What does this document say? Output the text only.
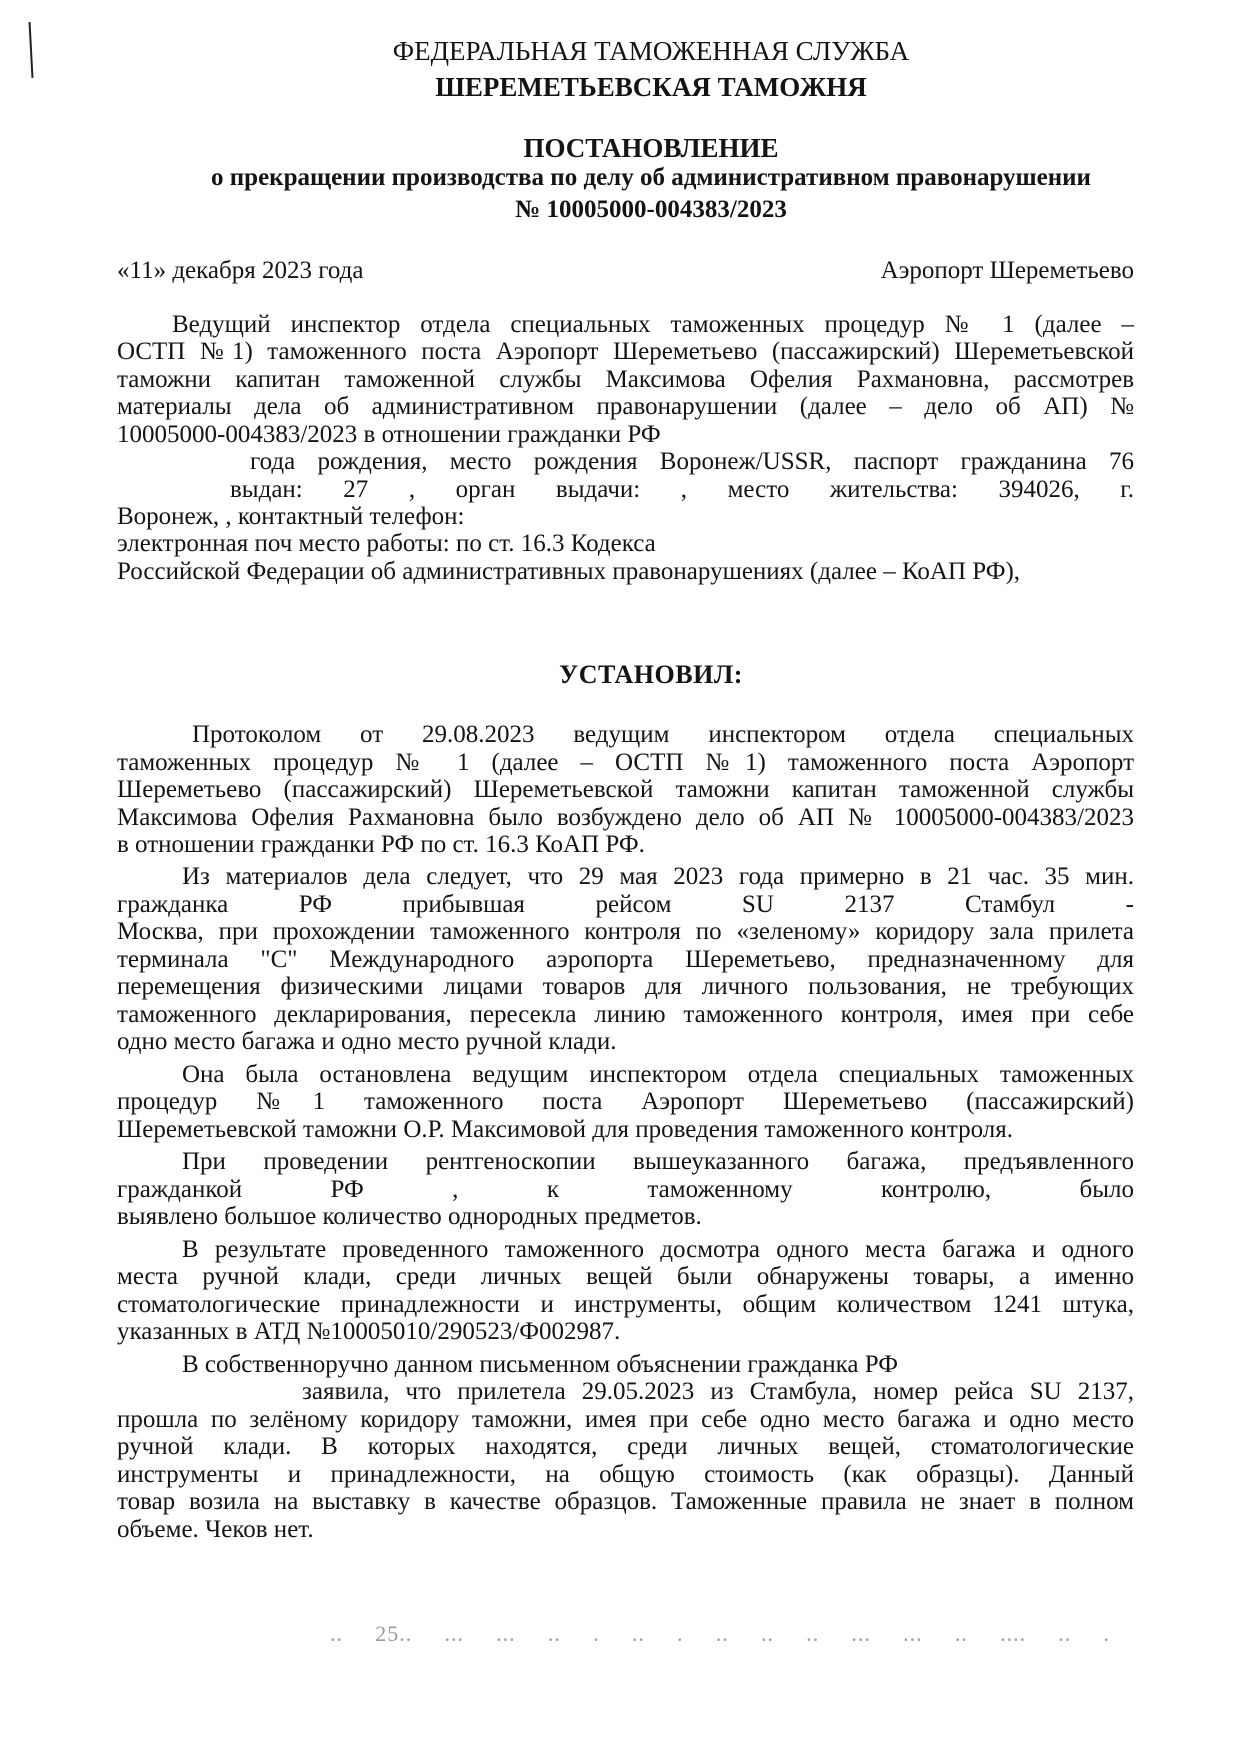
ФЕДЕРАЛЬНАЯ ТАМОЖЕННАЯ СЛУЖБА
ШЕРЕМЕТЬЕВСКАЯ ТАМОЖНЯ
ПОСТАНОВЛЕНИЕ
о прекращении производства по делу об административном правонарушении
№ 10005000-004383/2023
«11» декабря 2023 года	Аэропорт Шереметьево
Ведущий инспектор отдела специальных таможенных процедур № 1 (далее –
ОСТП №1) таможенного поста Аэропорт Шереметьево (пассажирский) Шереметьевской
таможни капитан таможенной службы Максимова Офелия Рахмановна, рассмотрев
материалы дела об административном правонарушении (далее – дело об АП) №
10005000-004383/2023 в отношении гражданки РФ
года рождения, место рождения Воронеж/USSR, паспорт гражданина 76
выдан: 27 , орган выдачи: , место жительства: 394026, г.
Воронеж, , контактный телефон:
электронная поч место работы: по ст. 16.3 Кодекса
Российской Федерации об административных правонарушениях (далее – КоАП РФ),
УСТАНОВИЛ:
Протоколом от 29.08.2023 ведущим инспектором отдела специальных
таможенных процедур № 1 (далее – ОСТП №1) таможенного поста Аэропорт
Шереметьево (пассажирский) Шереметьевской таможни капитан таможенной службы
Максимова Офелия Рахмановна было возбуждено дело об АП № 10005000-004383/2023
в отношении гражданки РФ по ст. 16.3 КоАП РФ.
Из материалов дела следует, что 29 мая 2023 года примерно в 21 час. 35 мин.
гражданка РФ прибывшая рейсом SU 2137 Стамбул -
Москва, при прохождении таможенного контроля по «зеленому» коридору зала прилета
терминала "С" Международного аэропорта Шереметьево, предназначенному для
перемещения физическими лицами товаров для личного пользования, не требующих
таможенного декларирования, пересекла линию таможенного контроля, имея при себе
одно место багажа и одно место ручной клади.
Она была остановлена ведущим инспектором отдела специальных таможенных
процедур №1 таможенного поста Аэропорт Шереметьево (пассажирский)
Шереметьевской таможни О.Р. Максимовой для проведения таможенного контроля.
При проведении рентгеноскопии вышеуказанного багажа, предъявленного
гражданкой РФ , к таможенному контролю, было
выявлено большое количество однородных предметов.
В результате проведенного таможенного досмотра одного места багажа и одного
места ручной клади, среди личных вещей были обнаружены товары, а именно
стоматологические принадлежности и инструменты, общим количеством 1241 штука,
указанных в АТД №10005010/290523/Ф002987.
В собственноручно данном письменном объяснении гражданка РФ
заявила, что прилетела 29.05.2023 из Стамбула, номер рейса SU 2137,
прошла по зелёному коридору таможни, имея при себе одно место багажа и одно место
ручной клади. В которых находятся, среди личных вещей, стоматологические
инструменты и принадлежности, на общую стоимость (как образцы). Данный
товар возила на выставку в качестве образцов. Таможенные правила не знает в полном
объеме. Чеков нет.
.. 25.. ... ... .. . .. . .. .. .. ... ... .. .... .. .
